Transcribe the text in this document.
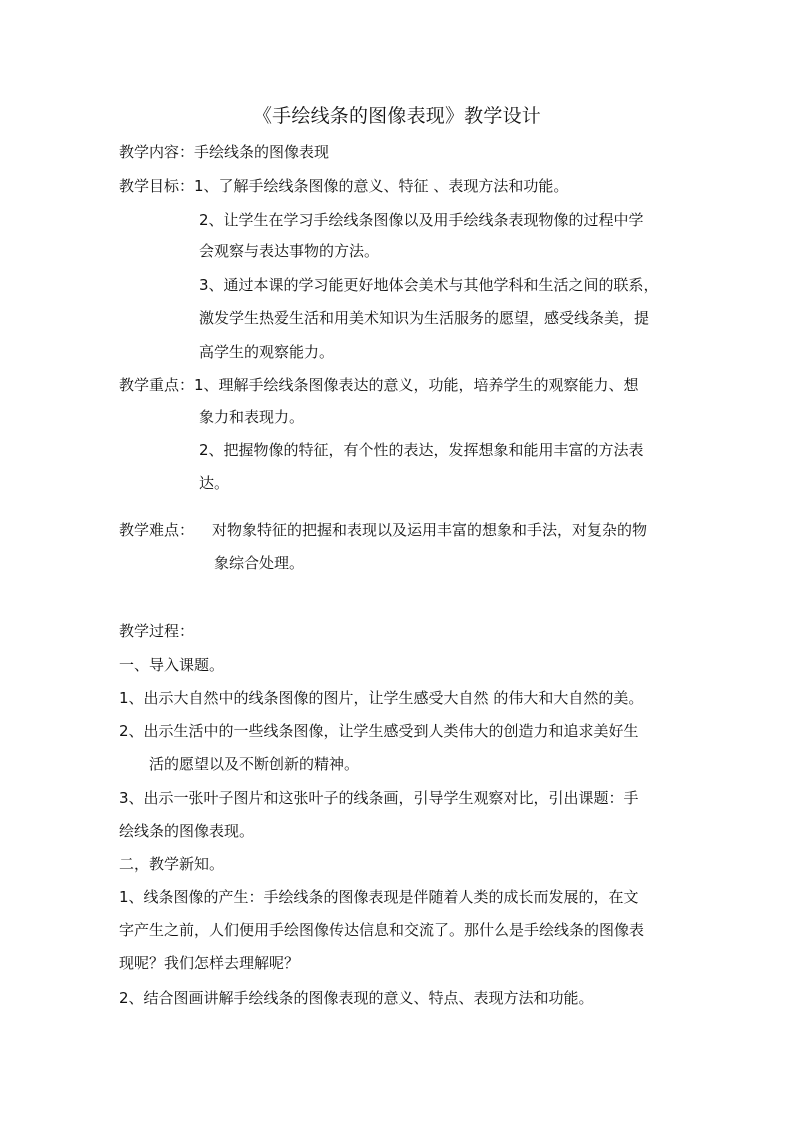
《手绘线条的图像表现》教学设计
教学内容：手绘线条的图像表现
教学目标：1、了解手绘线条图像的意义、特征 、表现方法和功能。
2、让学生在学习手绘线条图像以及用手绘线条表现物像的过程中学
会观察与表达事物的方法。
3、通过本课的学习能更好地体会美术与其他学科和生活之间的联系，
激发学生热爱生活和用美术知识为生活服务的愿望，感受线条美，提
高学生的观察能力。
教学重点：1、理解手绘线条图像表达的意义，功能，培养学生的观察能力、想
象力和表现力。
2、把握物像的特征，有个性的表达，发挥想象和能用丰富的方法表
达。
教学难点： 对物象特征的把握和表现以及运用丰富的想象和手法，对复杂的物
象综合处理。
教学过程：
一、导入课题。
1、出示大自然中的线条图像的图片，让学生感受大自然 的伟大和大自然的美。
2、出示生活中的一些线条图像，让学生感受到人类伟大的创造力和追求美好生
活的愿望以及不断创新的精神。
3、出示一张叶子图片和这张叶子的线条画，引导学生观察对比，引出课题：手
绘线条的图像表现。
二，教学新知。
1、线条图像的产生：手绘线条的图像表现是伴随着人类的成长而发展的，在文
字产生之前，人们便用手绘图像传达信息和交流了。那什么是手绘线条的图像表
现呢？我们怎样去理解呢？
2、结合图画讲解手绘线条的图像表现的意义、特点、表现方法和功能。
